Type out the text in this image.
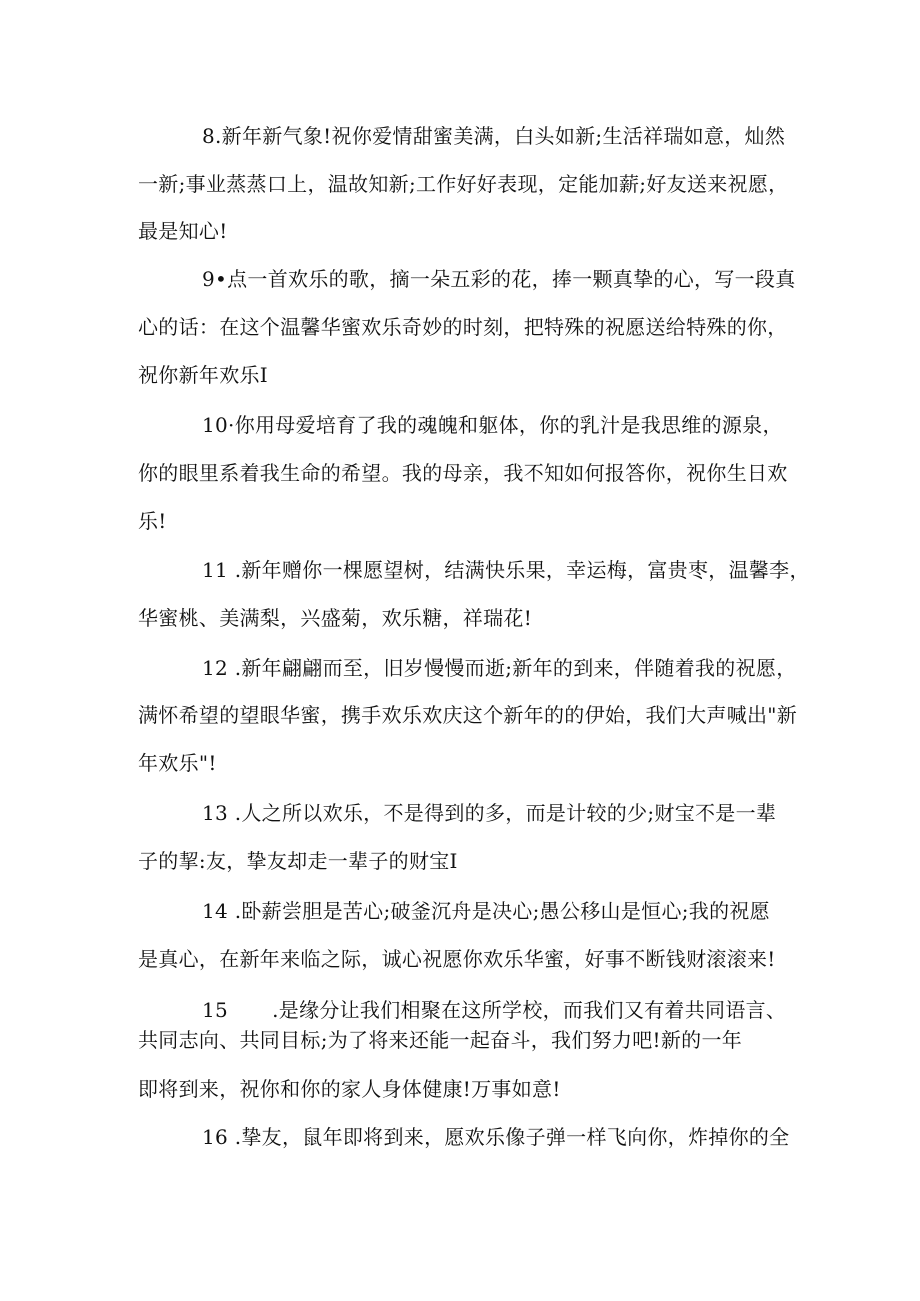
8.新年新气象!祝你爱情甜蜜美满，白头如新;生活祥瑞如意，灿然
一新;事业蒸蒸口上，温故知新;工作好好表现，定能加薪;好友送来祝愿，
最是知心!
9•点一首欢乐的歌，摘一朵五彩的花，捧一颗真挚的心，写一段真
心的话：在这个温馨华蜜欢乐奇妙的时刻，把特殊的祝愿送给特殊的你，
祝你新年欢乐I
10·你用母爱培育了我的魂魄和躯体，你的乳汁是我思维的源泉，
你的眼里系着我生命的希望。我的母亲，我不知如何报答你，祝你生日欢
乐!
11 .新年赠你一棵愿望树，结满快乐果，幸运梅，富贵枣，温馨李，
华蜜桃、美满梨，兴盛菊，欢乐糖，祥瑞花!
12 .新年翩翩而至，旧岁慢慢而逝;新年的到来，伴随着我的祝愿，
满怀希望的望眼华蜜，携手欢乐欢庆这个新年的的伊始，我们大声喊出"新
年欢乐"!
13 .人之所以欢乐，不是得到的多，而是计较的少;财宝不是一辈
子的挈:友，挚友却走一辈子的财宝I
14 .卧薪尝胆是苦心;破釜沉舟是决心;愚公移山是恒心;我的祝愿
是真心，在新年来临之际，诚心祝愿你欢乐华蜜，好事不断钱财滚滚来!
15 .是缘分让我们相聚在这所学校，而我们又有着共同语言、
共同志向、共同目标;为了将来还能一起奋斗，我们努力吧!新的一年
即将到来，祝你和你的家人身体健康!万事如意!
16 .挚友，鼠年即将到来，愿欢乐像子弹一样飞向你，炸掉你的全
